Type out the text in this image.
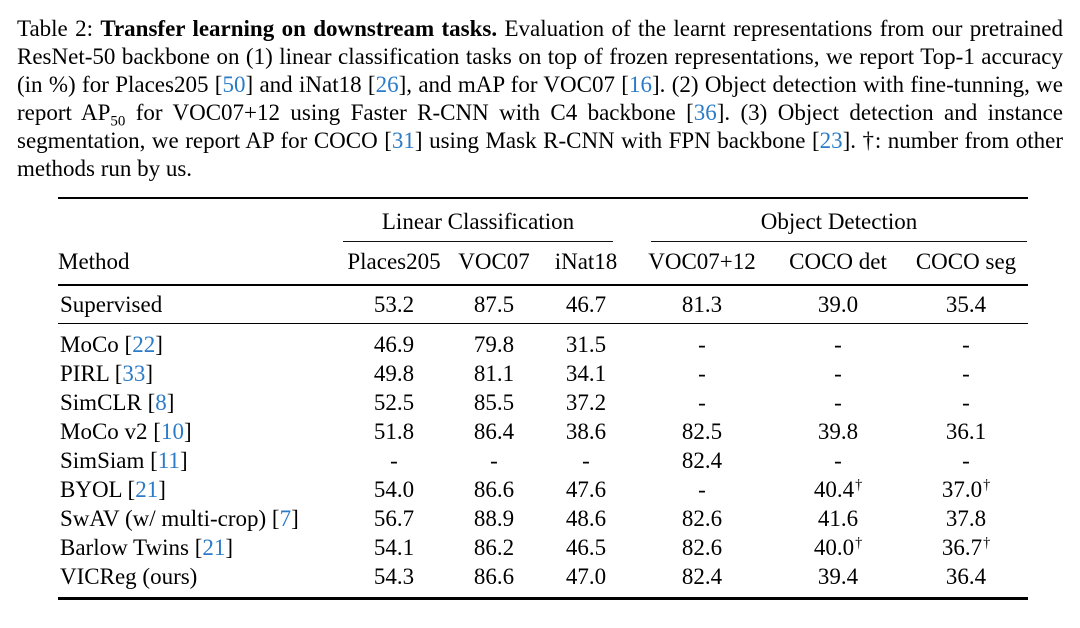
Table 2: Transfer learning on downstream tasks. Evaluation of the learnt representations from our pretrained ResNet-50 backbone on (1) linear classification tasks on top of frozen representations, we report Top-1 accuracy (in %) for Places205 [50] and iNat18 [26], and mAP for VOC07 [16]. (2) Object detection with fine-tunning, we report $AP_{50}$ for VOC07+12 using Faster R-CNN with C4 backbone [36]. (3) Object detection and instance segmentation, we report AP for COCO [31] using Mask R-CNN with FPN backbone [23]. †: number from other methods run by us.

	Linear Classification			Object Detection		

Method	Places205	VOC07	iNat18	VOC07+12	COCO det	COCO seg
Supervised	53.2	87.5	46.7	81.3	39.0	35.4
MoCo [22]	46.9	79.8	31.5	-	-	-
PIRL [33]	49.8	81.1	34.1	-	-	-
SimCLR [8]	52.5	85.5	37.2	-	-	-
MoCo v2 [10]	51.8	86.4	38.6	82.5	39.8	36.1
SimSiam [11]	-	-	-	82.4	-	-
BYOL [21]	54.0	86.6	47.6	-	40.4†	37.0†
SwAV (w/ multi-crop) [7]	56.7	88.9	48.6	82.6	41.6	37.8
Barlow Twins [21]	54.1	86.2	46.5	82.6	40.0†	36.7†
VICReg (ours)	54.3	86.6	47.0	82.4	39.4	36.4
